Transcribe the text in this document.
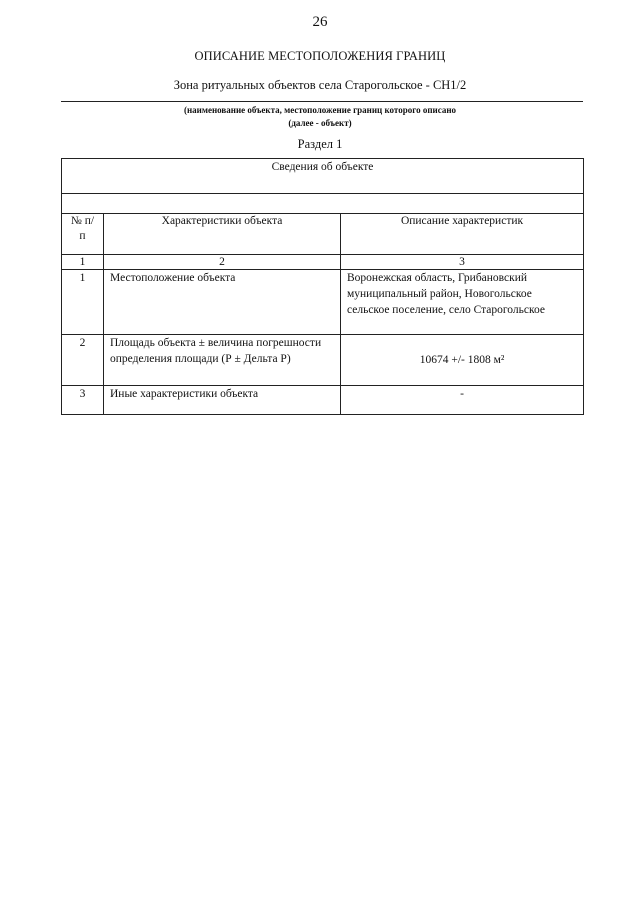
26
ОПИСАНИЕ МЕСТОПОЛОЖЕНИЯ ГРАНИЦ
Зона ритуальных объектов села Старогольское - СН1/2
(наименование объекта, местоположение границ которого описано
(далее - объект)
Раздел 1
Сведения об объекте		

№ п/п	Характеристики объекта	Описание характеристик
1	2	3
1	Местоположение объекта	Воронежская область, Грибановский муниципальный район, Новогольское сельское поселение, село Старогольское
2	Площадь объекта ± величина погрешности определения площади (Р ± Дельта Р)	10674 +/- 1808 м²
3	Иные характеристики объекта	-
